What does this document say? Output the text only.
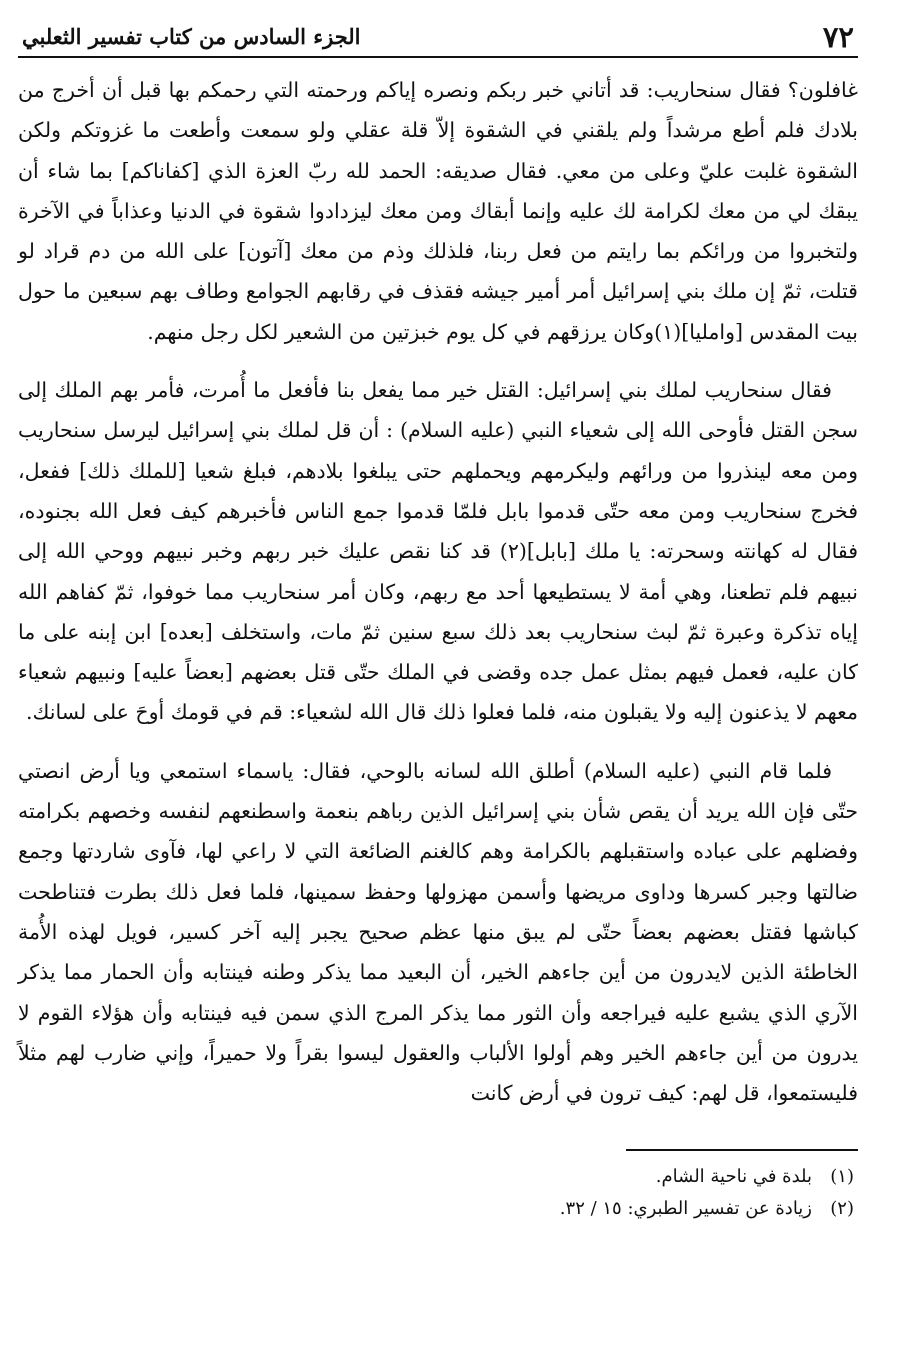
٧٢
الجزء السادس من كتاب تفسير الثعلبي

غافلون؟ فقال سنحاريب: قد أتاني خبر ربكم ونصره إياكم ورحمته التي رحمكم بها قبل أن أخرج من بلادك فلم أطع مرشداً ولم يلقني في الشقوة إلاّ قلة عقلي ولو سمعت وأطعت ما غزوتكم ولكن الشقوة غلبت عليّ وعلى من معي. فقال صديقه: الحمد لله ربّ العزة الذي [كفاناكم] بما شاء أن يبقك لي من معك لكرامة لك عليه وإنما أبقاك ومن معك ليزدادوا شقوة في الدنيا وعذاباً في الآخرة ولتخبروا من ورائكم بما رايتم من فعل ربنا، فلذلك وذم من معك [آتون] على الله من دم قراد لو قتلت، ثمّ إن ملك بني إسرائيل أمر أمير جيشه فقذف في رقابهم الجوامع وطاف بهم سبعين ما حول بيت المقدس [واملیا](١)وكان يرزقهم في كل يوم خبزتين من الشعير لكل رجل منهم.

فقال سنحاريب لملك بني إسرائيل: القتل خير مما يفعل بنا فأفعل ما أُمرت، فأمر بهم الملك إلى سجن القتل فأوحى الله إلى شعياء النبي (عليه السلام) : أن قل لملك بني إسرائيل ليرسل سنحاريب ومن معه لينذروا من ورائهم وليكرمهم ويحملهم حتى يبلغوا بلادهم، فبلغ شعيا [للملك ذلك] ففعل، فخرج سنحاريب ومن معه حتّى قدموا بابل فلمّا قدموا جمع الناس فأخبرهم كيف فعل الله بجنوده، فقال له كهانته وسحرته: يا ملك [بابل](٢) قد كنا نقص عليك خبر ربهم وخبر نبيهم ووحي الله إلى نبيهم فلم تطعنا، وهي أمة لا يستطيعها أحد مع ربهم، وكان أمر سنحاريب مما خوفوا، ثمّ كفاهم الله إياه تذكرة وعبرة ثمّ لبث سنحاريب بعد ذلك سبع سنين ثمّ مات، واستخلف [بعده] ابن إبنه على ما كان عليه، فعمل فيهم بمثل عمل جده وقضى في الملك حتّى قتل بعضهم [بعضاً عليه] ونبيهم شعياء معهم لا يذعنون إليه ولا يقبلون منه، فلما فعلوا ذلك قال الله لشعياء: قم في قومك أوحَ على لسانك.

فلما قام النبي (عليه السلام) أطلق الله لسانه بالوحي، فقال: ياسماء استمعي ويا أرض انصتي حتّى فإن الله يريد أن يقص شأن بني إسرائيل الذين رباهم بنعمة واسطنعهم لنفسه وخصهم بكرامته وفضلهم على عباده واستقبلهم بالكرامة وهم كالغنم الضائعة التي لا راعي لها، فآوى شاردتها وجمع ضالتها وجبر كسرها وداوى مريضها وأسمن مهزولها وحفظ سمينها، فلما فعل ذلك بطرت فتناطحت كباشها فقتل بعضهم بعضاً حتّى لم يبق منها عظم صحيح يجبر إليه آخر كسير، فويل لهذه الأُمة الخاطئة الذين لايدرون من أين جاءهم الخير، أن البعيد مما يذكر وطنه فينتابه وأن الحمار مما يذكر الآري الذي يشبع عليه فيراجعه وأن الثور مما يذكر المرج الذي سمن فيه فينتابه وأن هؤلاء القوم لا يدرون من أين جاءهم الخير وهم أولوا الألباب والعقول ليسوا بقراً ولا حميراً، وإني ضارب لهم مثلاً فليستمعوا، قل لهم: كيف ترون في أرض كانت

(١)
بلدة في ناحية الشام.
(٢)
زيادة عن تفسير الطبري: ١٥ / ٣٢.
